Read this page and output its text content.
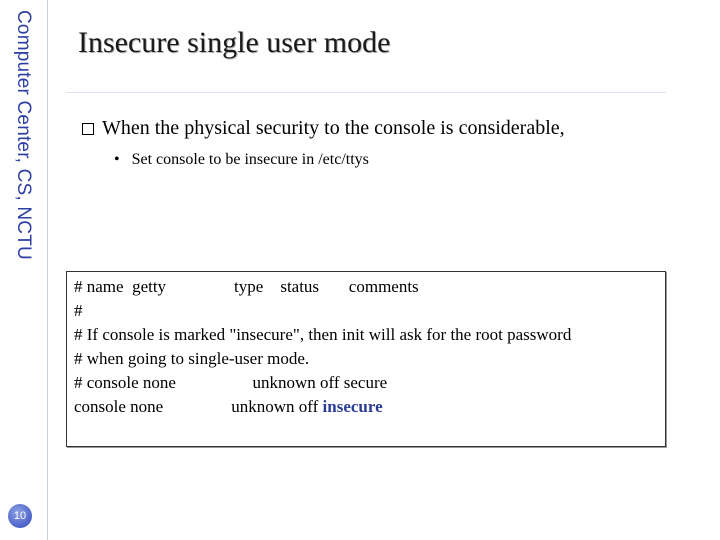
Computer Center, CS, NCTU
10
Insecure single user mode
When the physical security to the console is considerable,
• Set console to be insecure in /etc/ttys
# name  getty                type    status       comments
#
# If console is marked "insecure", then init will ask for the root password
# when going to single-user mode.
# console none                  unknown off secure
console none                unknown off insecure
